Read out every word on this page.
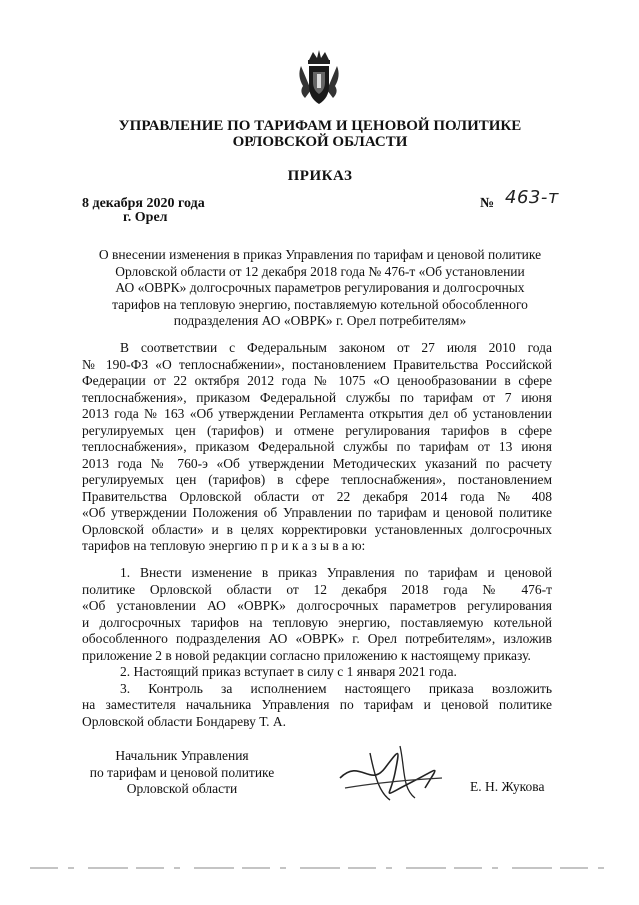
УПРАВЛЕНИЕ ПО ТАРИФАМ И ЦЕНОВОЙ ПОЛИТИКЕ
ОРЛОВСКОЙ ОБЛАСТИ
ПРИКАЗ
8 декабря 2020 года
г. Орел
№ 463-т
О внесении изменения в приказ Управления по тарифам и ценовой политике
Орловской области от 12 декабря 2018 года № 476-т «Об установлении
АО «ОВРК» долгосрочных параметров регулирования и долгосрочных
тарифов на тепловую энергию, поставляемую котельной обособленного
подразделения АО «ОВРК» г. Орел потребителям»
В соответствии с Федеральным законом от 27 июля 2010 года
№ 190-ФЗ «О теплоснабжении», постановлением Правительства Российской
Федерации от 22 октября 2012 года № 1075 «О ценообразовании в сфере
теплоснабжения», приказом Федеральной службы по тарифам от 7 июня
2013 года № 163 «Об утверждении Регламента открытия дел об установлении
регулируемых цен (тарифов) и отмене регулирования тарифов в сфере
теплоснабжения», приказом Федеральной службы по тарифам от 13 июня
2013 года № 760-э «Об утверждении Методических указаний по расчету
регулируемых цен (тарифов) в сфере теплоснабжения», постановлением
Правительства Орловской области от 22 декабря 2014 года № 408
«Об утверждении Положения об Управлении по тарифам и ценовой политике
Орловской области» и в целях корректировки установленных долгосрочных
тарифов на тепловую энергию п р и к а з ы в а ю:
1. Внести изменение в приказ Управления по тарифам и ценовой
политике Орловской области от 12 декабря 2018 года № 476-т
«Об установлении АО «ОВРК» долгосрочных параметров регулирования
и долгосрочных тарифов на тепловую энергию, поставляемую котельной
обособленного подразделения АО «ОВРК» г. Орел потребителям», изложив
приложение 2 в новой редакции согласно приложению к настоящему приказу.
2. Настоящий приказ вступает в силу с 1 января 2021 года.
3. Контроль за исполнением настоящего приказа возложить
на заместителя начальника Управления по тарифам и ценовой политике
Орловской области Бондареву Т. А.
Начальник Управления
по тарифам и ценовой политике
Орловской области	Е. Н. Жукова
